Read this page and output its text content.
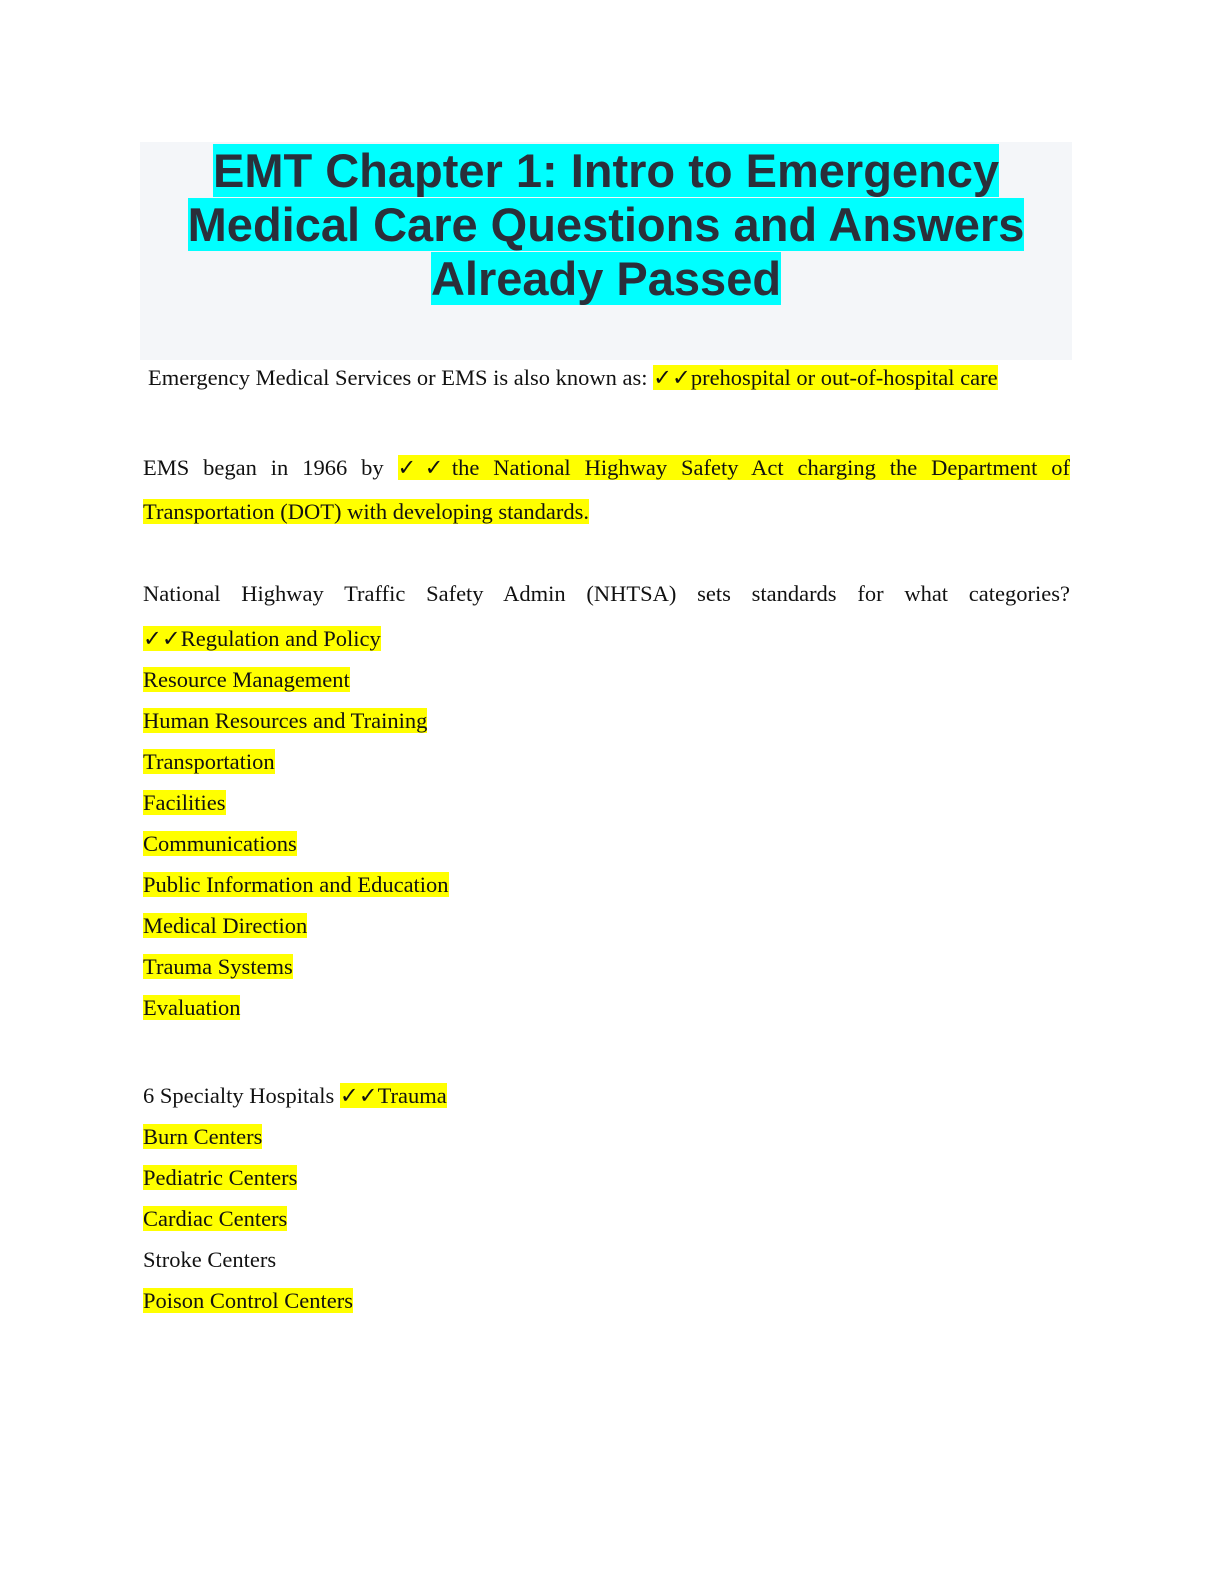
EMT Chapter 1: Intro to Emergency
Medical Care Questions and Answers
Already Passed

Emergency Medical Services or EMS is also known as: ✓✓prehospital or out-of-hospital care

EMS began in 1966 by ✓✓the National Highway Safety Act charging the Department of Transportation (DOT) with developing standards.

National Highway Traffic Safety Admin (NHTSA) sets standards for what categories?

✓✓Regulation and Policy
Resource Management
Human Resources and Training
Transportation
Facilities
Communications
Public Information and Education
Medical Direction
Trauma Systems
Evaluation
6 Specialty Hospitals ✓✓Trauma
Burn Centers
Pediatric Centers
Cardiac Centers
Stroke Centers
Poison Control Centers
